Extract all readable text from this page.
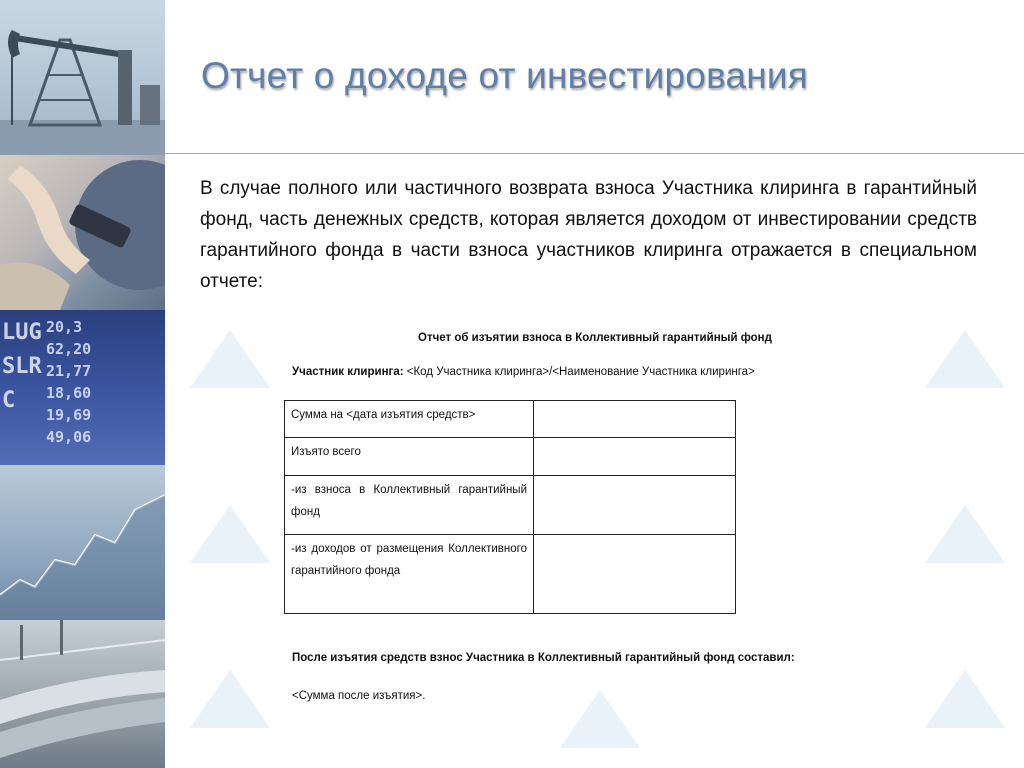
LUG
SLR
C
20,3
62,20
21,77
18,60
19,69
49,06
Отчет о доходе от инвестирования
В случае полного или частичного возврата взноса Участника клиринга в гарантийный фонд, часть денежных средств, которая является доходом от инвестировании средств гарантийного фонда в части взноса участников клиринга отражается в специальном отчете:
Отчет об изъятии взноса в Коллективный гарантийный фонд
Участник клиринга: <Код Участника клиринга>/<Наименование Участника клиринга>
Сумма на <дата изъятия средств>	
Изъято всего	
-из взноса в Коллективный гарантийный фонд	
-из доходов от размещения Коллективного гарантийного фонда	
После изъятия средств взнос Участника в Коллективный гарантийный фонд составил:
<Сумма после изъятия>.
